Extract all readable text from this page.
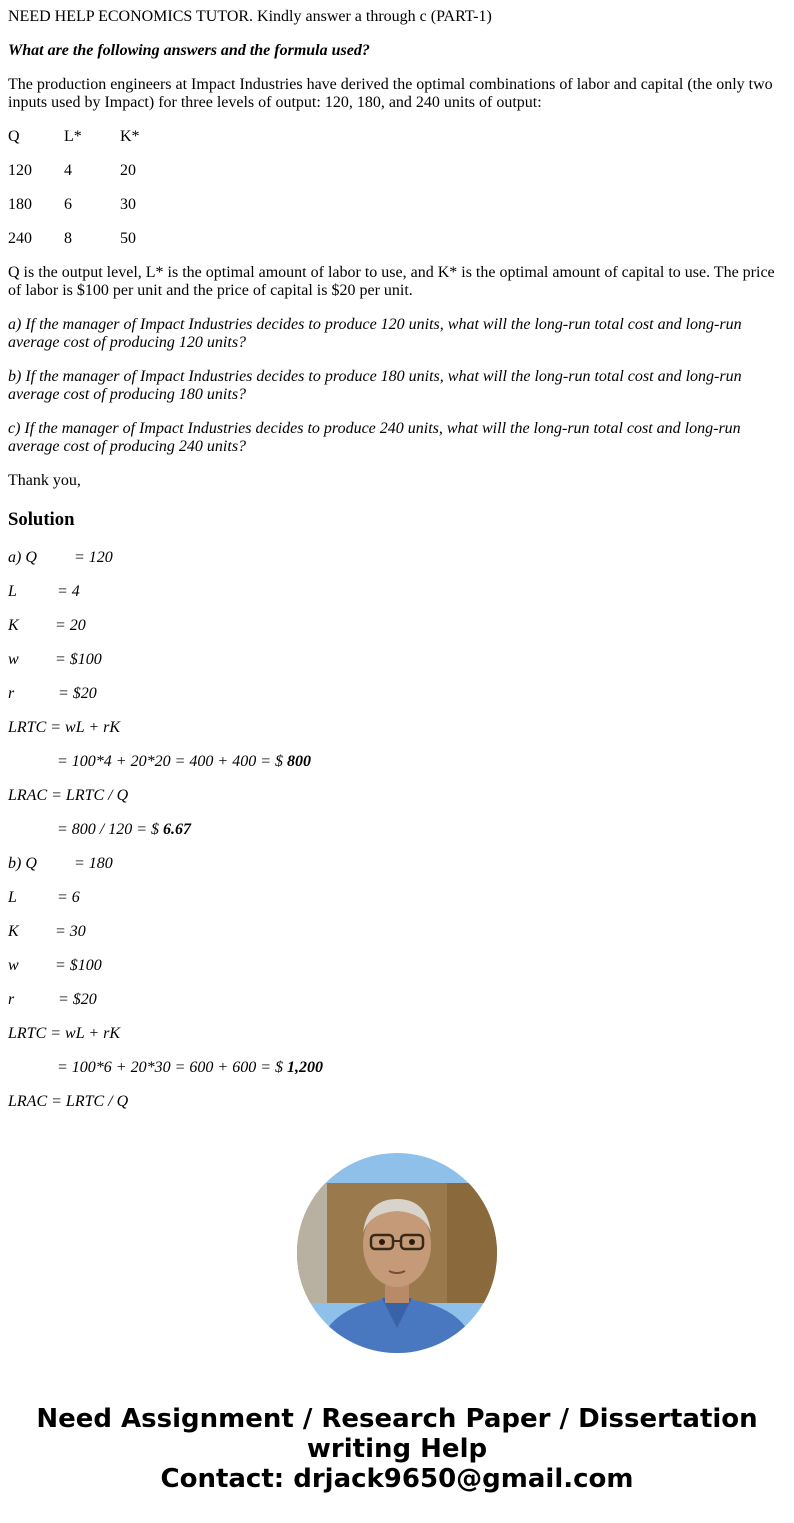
NEED HELP ECONOMICS TUTOR. Kindly answer a through c (PART-1)

What are the following answers and the formula used?

The production engineers at Impact Industries have derived the optimal combinations of labor and capital (the only two inputs used by Impact) for three levels of output: 120, 180, and 240 units of output:

Q	L*	K*
120	4	20
180	6	30
240	8	50

Q is the output level, L* is the optimal amount of labor to use, and K* is the optimal amount of capital to use. The price of labor is $100 per unit and the price of capital is $20 per unit.

a) If the manager of Impact Industries decides to produce 120 units, what will the long-run total cost and long-run average cost of producing 120 units?

b) If the manager of Impact Industries decides to produce 180 units, what will the long-run total cost and long-run average cost of producing 180 units?

c) If the manager of Impact Industries decides to produce 240 units, what will the long-run total cost and long-run average cost of producing 240 units?

Thank you,

Solution
a) Q	= 120
L	= 4
K	= 20
w	= $100
r	= $20

LRTC = wL + rK

= 100*4 + 20*20 = 400 + 400 = $ 800

LRAC = LRTC / Q

= 800 / 120 = $ 6.67

b) Q	= 180
L	= 6
K	= 30
w	= $100
r	= $20

LRTC = wL + rK

= 100*6 + 20*30 = 600 + 600 = $ 1,200

LRAC = LRTC / Q

Need Assignment / Research Paper / Dissertation
writing Help
Contact: drjack9650@gmail.com
